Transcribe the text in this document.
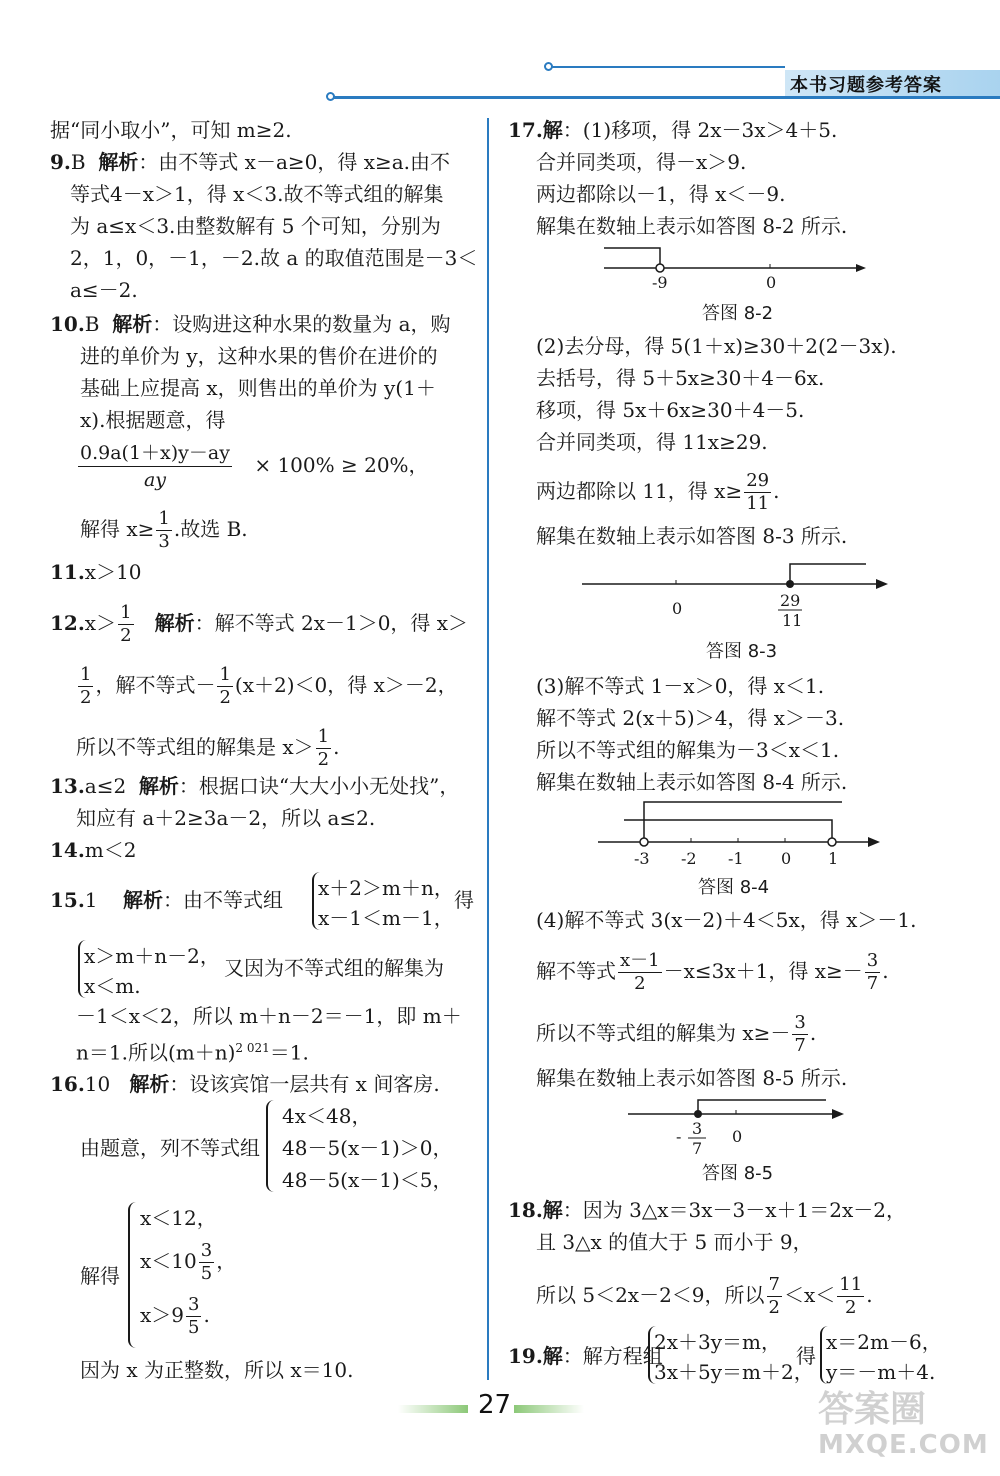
本书习题参考答案
据“同小取小”，可知 m≥2.
9.B 解析：由不等式 x－a≥0，得 x≥a.由不
等式4－x＞1，得 x＜3.故不等式组的解集
为 a≤x＜3.由整数解有 5 个可知，分别为
2，1，0，－1，－2.故 a 的取值范围是－3＜
a≤－2.
10.B 解析：设购进这种水果的数量为 a，购
进的单价为 y，这种水果的售价在进价的
基础上应提高 x，则售出的单价为 y(1＋
x).根据题意，得
$\frac{0.9a(1+x)y-ay}{ay} \times 100\% \ge 20\%$，
解得 $x\ge \frac{1}{3}$ .故选 B.
11.x＞10
$12.x> \frac{1}{2}$ 解析：解不等式 2x－1＞0，得 x＞
$\frac{1}{2}$ ，解不等式－ $\frac{1}{2} (x+2)<0$，得 x＞－2，
所以不等式组的解集是 $x> \frac{1}{2}$ .
13.a≤2 解析：根据口诀“大大小小无处找”，
知应有 a＋2≥3a－2，所以 a≤2.
14.m＜2
15.1 解析：由不等式组 x＋2＞m＋n，
x－1＜m－1，
得
x＞m＋n－2，
x＜m.
又因为不等式组的解集为
－1＜x＜2，所以 m＋n－2＝－1，即 m＋
n＝1.所以$(m+n)^{2 021}=1$.
16.10 解析：设该宾馆一层共有 x 间客房.
由题意，列不等式组
4x＜48，
48－5(x－1)＞0，
48－5(x－1)＜5，
解得
x＜12，
$x<10 \frac{3}{5}$ ，
$x>9 \frac{3}{5}$ .
因为 x 为正整数，所以 x＝10.
17.解：(1)移项，得 2x－3x＞4＋5.
合并同类项，得－x＞9.
两边都除以－1，得 x＜－9.
解集在数轴上表示如答图 8-2 所示.
-9	0
答图 8-2
(2)去分母，得 5(1＋x)≥30＋2(2－3x).
去括号，得 5＋5x≥30＋4－6x.
移项，得 5x＋6x≥30＋4－5.
合并同类项，得 11x≥29.
两边都除以 11，得 $x\ge \frac{29}{11}$ .
解集在数轴上表示如答图 8-3 所示.
0	29
11
答图 8-3
(3)解不等式 1－x＞0，得 x＜1.
解不等式 2(x＋5)＞4，得 x＞－3.
所以不等式组的解集为－3＜x＜1.
解集在数轴上表示如答图 8-4 所示.
-3 -2 -1 0 1
答图 8-4
(4)解不等式 3(x－2)＋4＜5x，得 x＞－1.
解不等式 $\frac{x-1}{2} -x\le 3x+1$，得 $x\ge- \frac{3}{7}$ .
所以不等式组的解集为 $x\ge- \frac{3}{7}$ .
解集在数轴上表示如答图 8-5 所示.
- 3
7
0
答图 8-5
18.解：因为 3△x＝3x－3－x＋1＝2x－2，
且 3△x 的值大于 5 而小于 9，
所以 5＜2x－2＜9，所以 $\frac{7}{2} <x< \frac{11}{2}$ .
19.解：解方程组
2x＋3y＝m，
3x＋5y＝m＋2，
得
x＝2m－6，
y＝－m＋4.
27	答案圈
MXQE.COM
